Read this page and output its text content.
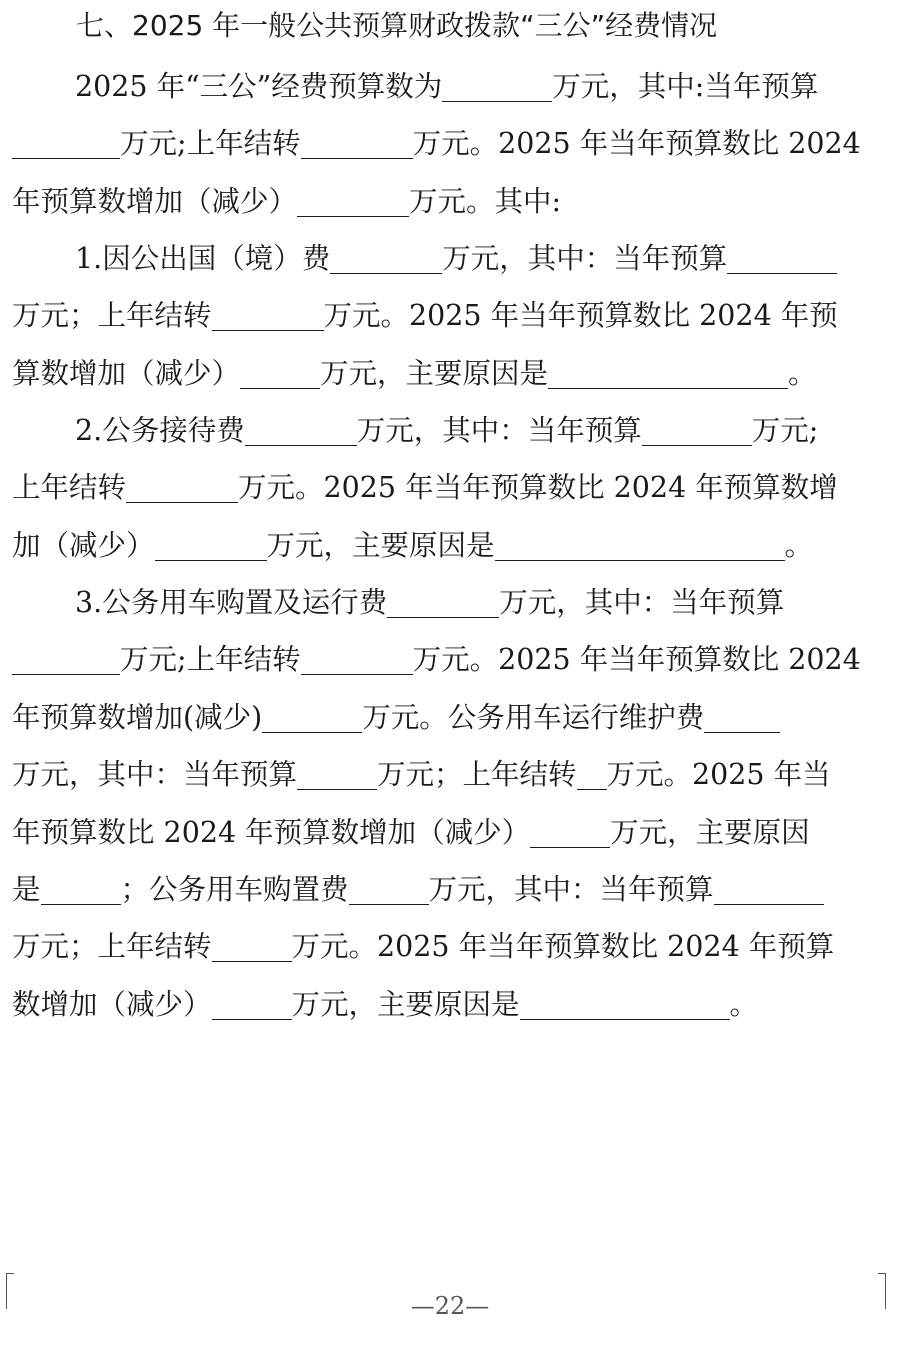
七、2025 年一般公共预算财政拨款“三公”经费情况
2025 年“三公”经费预算数为	万元，其中:当年预算
万元;上年结转	万元。2025 年当年预算数比 2024
年预算数增加（减少）	万元。其中:
1.因公出国（境）费	万元，其中：当年预算
万元；上年结转	万元。2025 年当年预算数比 2024 年预
算数增加（减少）	万元，主要原因是	。
2.公务接待费	万元，其中：当年预算	万元;
上年结转	万元。2025 年当年预算数比 2024 年预算数增
加（减少）	万元，主要原因是	。
3.公务用车购置及运行费	万元，其中：当年预算
万元;上年结转	万元。2025 年当年预算数比 2024
年预算数增加(减少)	万元。公务用车运行维护费
万元，其中：当年预算	万元；上年结转 万元。2025 年当
年预算数比 2024 年预算数增加（减少）	万元，主要原因
是	；公务用车购置费	万元，其中：当年预算
万元；上年结转	万元。2025 年当年预算数比 2024 年预算
数增加（减少）	万元，主要原因是	。
—22—
